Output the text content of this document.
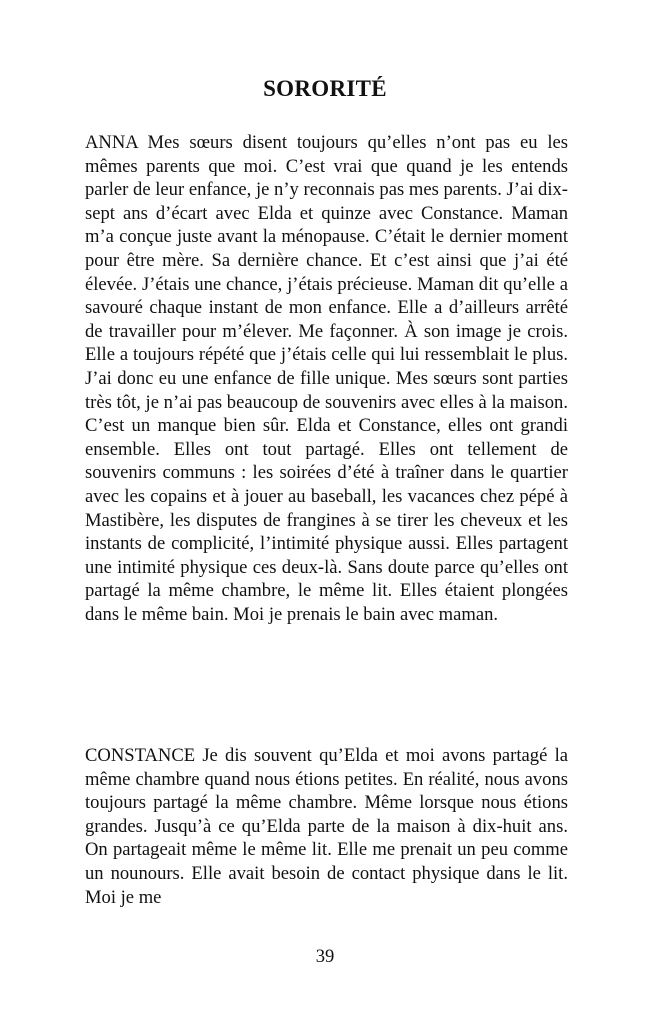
SORORITÉ

ANNA Mes sœurs disent toujours qu’elles n’ont pas eu les mêmes parents que moi. C’est vrai que quand je les entends parler de leur enfance, je n’y reconnais pas mes parents. J’ai dix-sept ans d’écart avec Elda et quinze avec Constance. Maman m’a conçue juste avant la ménopause. C’était le dernier moment pour être mère. Sa dernière chance. Et c’est ainsi que j’ai été élevée. J’étais une chance, j’étais précieuse. Maman dit qu’elle a savouré chaque instant de mon enfance. Elle a d’ailleurs arrêté de travailler pour m’élever. Me façonner. À son image je crois. Elle a toujours répété que j’étais celle qui lui ressemblait le plus. J’ai donc eu une enfance de fille unique. Mes sœurs sont parties très tôt, je n’ai pas beaucoup de souvenirs avec elles à la maison. C’est un manque bien sûr. Elda et Constance, elles ont grandi ensemble. Elles ont tout partagé. Elles ont tellement de souvenirs communs : les soirées d’été à traîner dans le quartier avec les copains et à jouer au baseball, les vacances chez pépé à Mastibère, les disputes de frangines à se tirer les cheveux et les instants de complicité, l’intimité physique aussi. Elles partagent une intimité physique ces deux-là. Sans doute parce qu’elles ont partagé la même chambre, le même lit. Elles étaient plongées dans le même bain. Moi je prenais le bain avec maman.

CONSTANCE Je dis souvent qu’Elda et moi avons partagé la même chambre quand nous étions petites. En réalité, nous avons toujours partagé la même chambre. Même lorsque nous étions grandes. Jusqu’à ce qu’Elda parte de la maison à dix-huit ans. On partageait même le même lit. Elle me prenait un peu comme un nounours. Elle avait besoin de contact physique dans le lit. Moi je me

39
